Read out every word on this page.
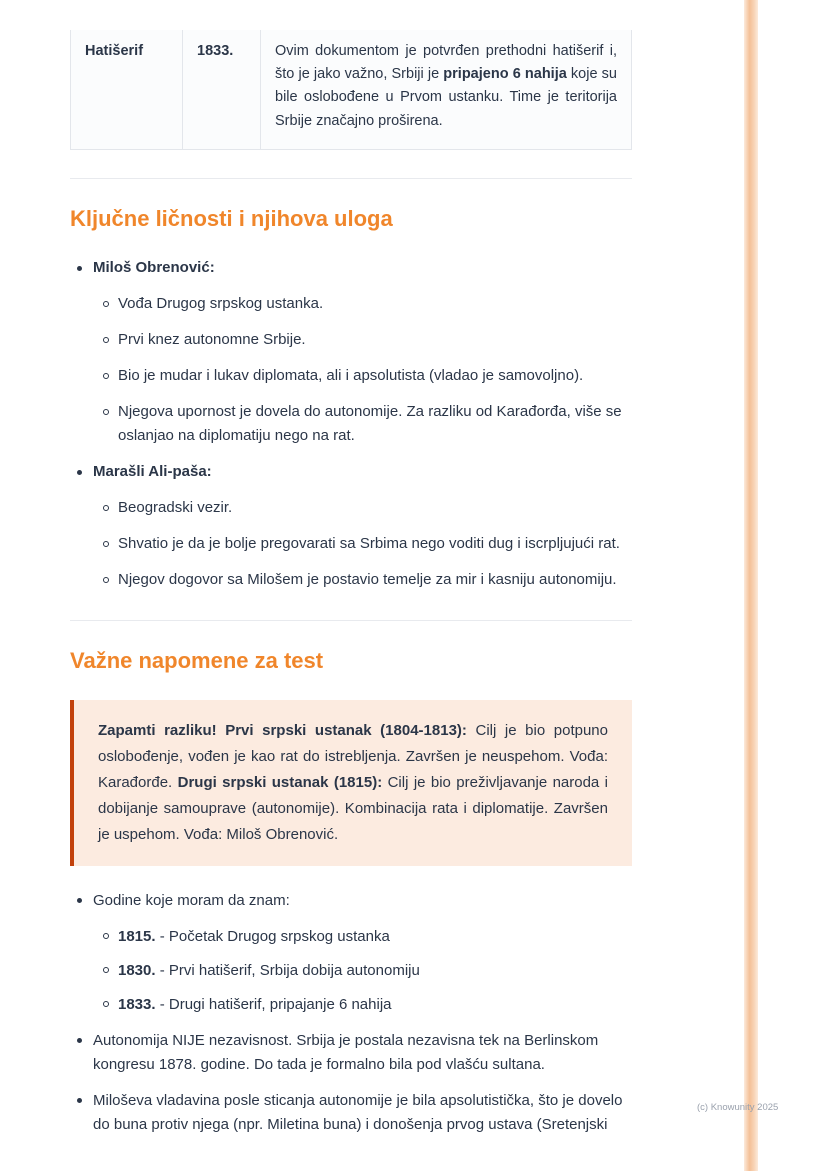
Hatišerif	1833.	Ovim dokumentom je potvrđen prethodni hatišerif i, što je jako važno, Srbiji je pripajeno 6 nahija koje su bile oslobođene u Prvom ustanku. Time je teritorija Srbije značajno proširena.
Ključne ličnosti i njihova uloga
Miloš Obrenović:
Vođa Drugog srpskog ustanka.
Prvi knez autonomne Srbije.
Bio je mudar i lukav diplomata, ali i apsolutista (vladao je samovoljno).
Njegova upornost je dovela do autonomije. Za razliku od Karađorđa, više se oslanjao na diplomatiju nego na rat.
Marašli Ali-paša:
Beogradski vezir.
Shvatio je da je bolje pregovarati sa Srbima nego voditi dug i iscrpljujući rat.
Njegov dogovor sa Milošem je postavio temelje za mir i kasniju autonomiju.
Važne napomene za test

Zapamti razliku! Prvi srpski ustanak (1804-1813): Cilj je bio potpuno oslobođenje, vođen je kao rat do istrebljenja. Završen je neuspehom. Vođa: Karađorđe. Drugi srpski ustanak (1815): Cilj je bio preživljavanje naroda i dobijanje samouprave (autonomije). Kombinacija rata i diplomatije. Završen je uspehom. Vođa: Miloš Obrenović.

Godine koje moram da znam:
1815. - Početak Drugog srpskog ustanka
1830. - Prvi hatišerif, Srbija dobija autonomiju
1833. - Drugi hatišerif, pripajanje 6 nahija
Autonomija NIJE nezavisnost. Srbija je postala nezavisna tek na Berlinskom kongresu 1878. godine. Do tada je formalno bila pod vlašću sultana.
Miloševa vladavina posle sticanja autonomije je bila apsolutistička, što je dovelo do buna protiv njega (npr. Miletina buna) i donošenja prvog ustava (Sretenjski
(c) Knowunity 2025
